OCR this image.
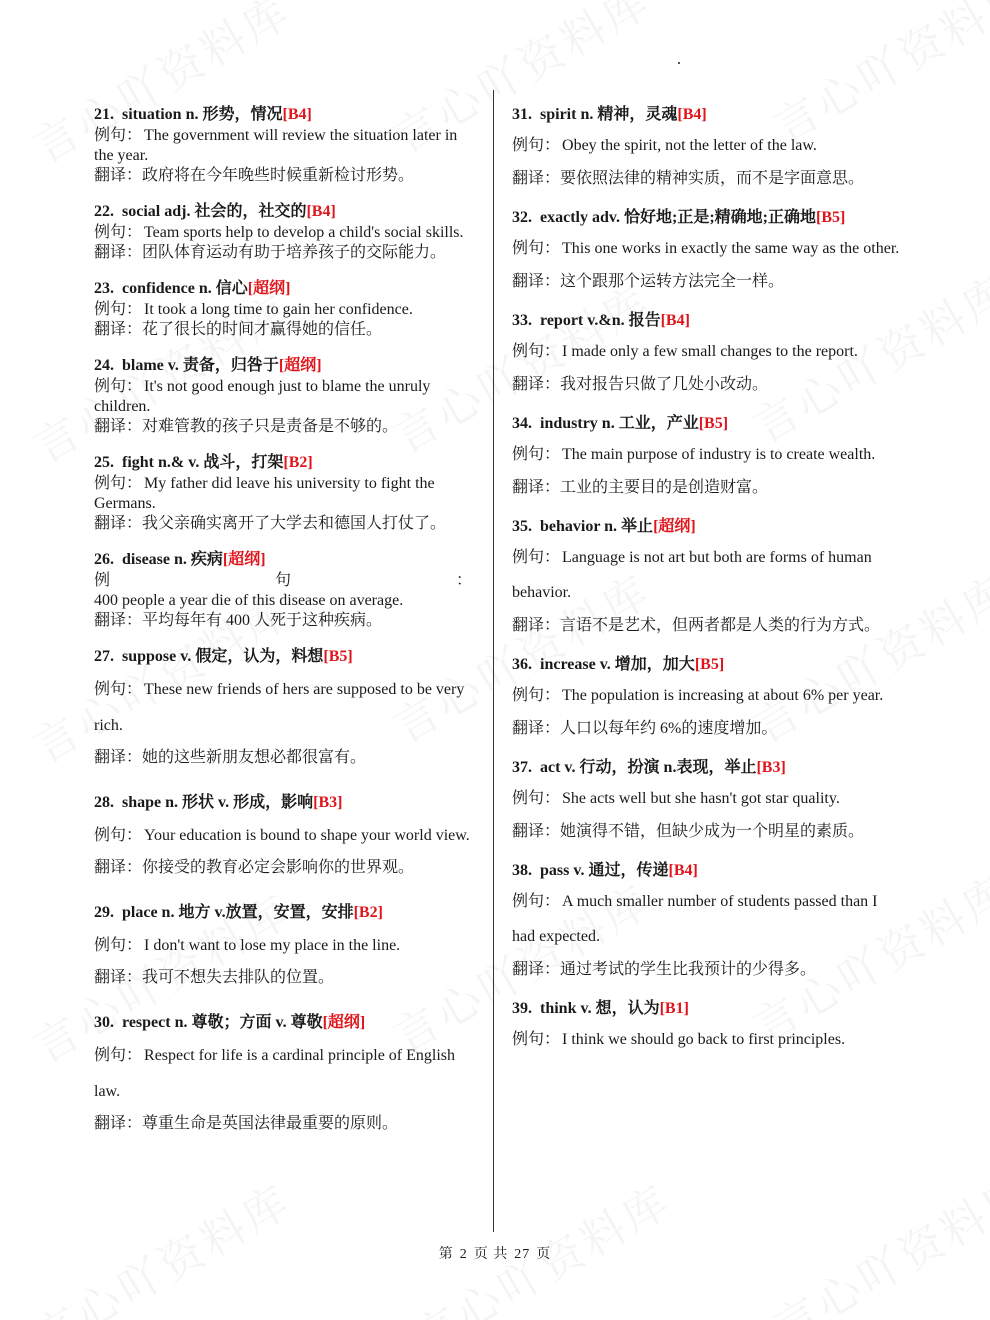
21. situation n. 形势，情况[B4]
例句： The government will review the situation later in the year.
翻译：政府将在今年晚些时候重新检讨形势。
22. social adj. 社会的，社交的[B4]
例句： Team sports help to develop a child's social skills.
翻译：团队体育运动有助于培养孩子的交际能力。
23. confidence n. 信心[超纲]
例句： It took a long time to gain her confidence.
翻译：花了很长的时间才赢得她的信任。
24. blame v. 责备，归咎于[超纲]
例句： It's not good enough just to blame the unruly children.
翻译：对难管教的孩子只是责备是不够的。
25. fight n.& v. 战斗，打架[B2]
例句： My father did leave his university to fight the Germans.
翻译：我父亲确实离开了大学去和德国人打仗了。
26. disease n. 疾病[超纲]
例	句	：
400 people a year die of this disease on average.
翻译：平均每年有 400 人死于这种疾病。
27. suppose v. 假定，认为，料想[B5]
例句： These new friends of hers are supposed to be very rich.
翻译：她的这些新朋友想必都很富有。
28. shape n. 形状 v. 形成，影响[B3]
例句： Your education is bound to shape your world view.
翻译：你接受的教育必定会影响你的世界观。
29. place n. 地方 v.放置，安置，安排[B2]
例句： I don't want to lose my place in the line.
翻译：我可不想失去排队的位置。
30. respect n. 尊敬；方面 v. 尊敬[超纲]
例句： Respect for life is a cardinal principle of English law.
翻译：尊重生命是英国法律最重要的原则。
31. spirit n. 精神，灵魂[B4]
例句： Obey the spirit, not the letter of the law.
翻译：要依照法律的精神实质，而不是字面意思。
32. exactly adv. 恰好地;正是;精确地;正确地[B5]
例句： This one works in exactly the same way as the other.
翻译：这个跟那个运转方法完全一样。
33. report v.&n. 报告[B4]
例句： I made only a few small changes to the report.
翻译：我对报告只做了几处小改动。
34. industry n. 工业，产业[B5]
例句： The main purpose of industry is to create wealth.
翻译：工业的主要目的是创造财富。
35. behavior n. 举止[超纲]
例句： Language is not art but both are forms of human behavior.
翻译：言语不是艺术，但两者都是人类的行为方式。
36. increase v. 增加，加大[B5]
例句： The population is increasing at about 6% per year.
翻译：人口以每年约 6%的速度增加。
37. act v. 行动，扮演 n.表现，举止[B3]
例句： She acts well but she hasn't got star quality.
翻译：她演得不错，但缺少成为一个明星的素质。
38. pass v. 通过，传递[B4]
例句： A much smaller number of students passed than I had expected.
翻译：通过考试的学生比我预计的少得多。
39. think v. 想，认为[B1]
例句： I think we should go back to first principles.
第 2 页 共 27 页
